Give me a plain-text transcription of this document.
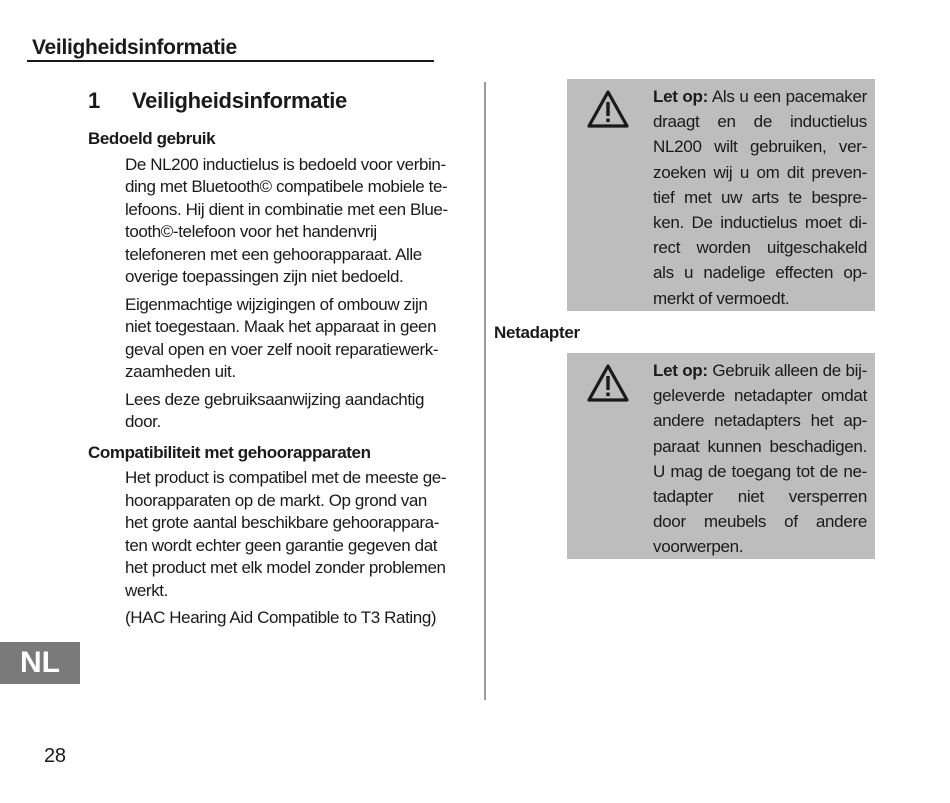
Veiligheidsinformatie
1 Veiligheidsinformatie
Bedoeld gebruik
De NL200 inductielus is bedoeld voor verbin-
ding met Bluetooth© compatibele mobiele te-
lefoons. Hij dient in combinatie met een Blue-
tooth©-telefoon voor het handenvrij
telefoneren met een gehoorapparaat. Alle
overige toepassingen zijn niet bedoeld.
Eigenmachtige wijzigingen of ombouw zijn
niet toegestaan. Maak het apparaat in geen
geval open en voer zelf nooit reparatiewerk-
zaamheden uit.
Lees deze gebruiksaanwijzing aandachtig
door.
Compatibiliteit met gehoorapparaten
Het product is compatibel met de meeste ge-
hoorapparaten op de markt. Op grond van
het grote aantal beschikbare gehoorappara-
ten wordt echter geen garantie gegeven dat
het product met elk model zonder problemen
werkt.
(HAC Hearing Aid Compatible to T3 Rating)
Let op: Als u een pacemaker
draagt en de inductielus
NL200 wilt gebruiken, ver-
zoeken wij u om dit preven-
tief met uw arts te bespre-
ken. De inductielus moet di-
rect worden uitgeschakeld
als u nadelige effecten op-
merkt of vermoedt.
Netadapter
Let op: Gebruik alleen de bij-
geleverde netadapter omdat
andere netadapters het ap-
paraat kunnen beschadigen.
U mag de toegang tot de ne-
tadapter niet versperren
door meubels of andere
voorwerpen.
NL
28
